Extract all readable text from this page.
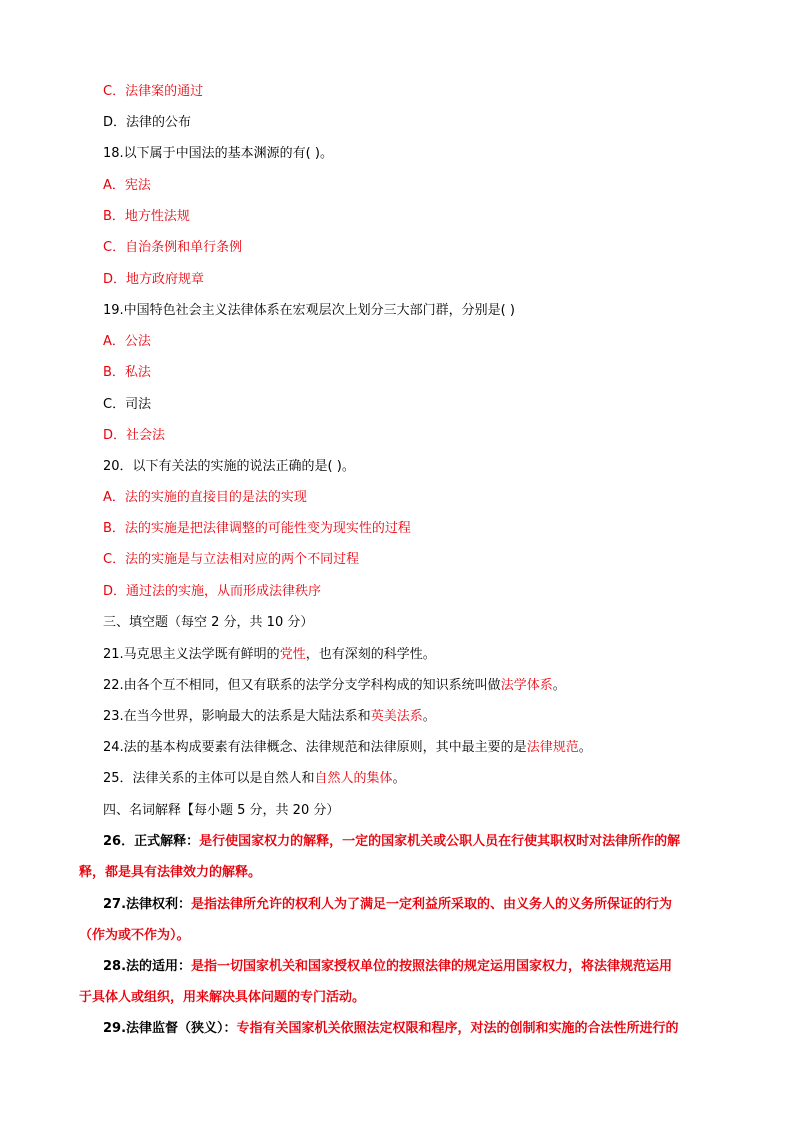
C．法律案的通过
D．法律的公布
18.以下属于中国法的基本渊源的有( )。
A．宪法
B．地方性法规
C．自治条例和单行条例
D．地方政府规章
19.中国特色社会主义法律体系在宏观层次上划分三大部门群，分别是( )
A．公法
B．私法
C．司法
D．社会法
20．以下有关法的实施的说法正确的是( )。
A．法的实施的直接目的是法的实现
B．法的实施是把法律调整的可能性变为现实性的过程
C．法的实施是与立法相对应的两个不同过程
D．通过法的实施，从而形成法律秩序
三、填空题（每空 2 分，共 10 分）
21.马克思主义法学既有鲜明的党性，也有深刻的科学性。
22.由各个互不相同，但又有联系的法学分支学科构成的知识系统叫做法学体系。
23.在当今世界，影响最大的法系是大陆法系和英美法系。
24.法的基本构成要素有法律概念、法律规范和法律原则，其中最主要的是法律规范。
25．法律关系的主体可以是自然人和自然人的集体。
四、名词解释【每小题 5 分，共 20 分）
26．正式解释：是行使国家权力的解释，一定的国家机关或公职人员在行使其职权时对法律所作的解
释，都是具有法律效力的解释。
27.法律权利：是指法律所允许的权利人为了满足一定利益所采取的、由义务人的义务所保证的行为
（作为或不作为）。
28.法的适用：是指一切国家机关和国家授权单位的按照法律的规定运用国家权力，将法律规范运用
于具体人或组织，用来解决具体问题的专门活动。
29.法律监督（狭义）：专指有关国家机关依照法定权限和程序，对法的创制和实施的合法性所进行的
